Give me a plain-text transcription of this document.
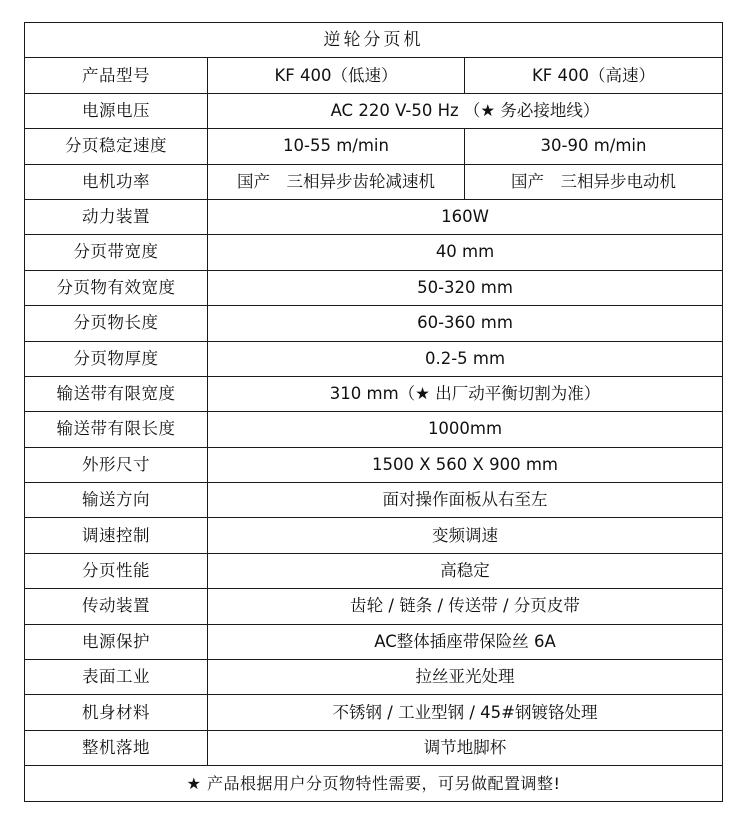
逆轮分页机		
产品型号	KF 400（低速）	KF 400（高速）
电源电压	AC 220 V-50 Hz （★ 务必接地线）	
分页稳定速度	10-55 m/min	30-90 m/min
电机功率	国产　三相异步齿轮减速机	国产　三相异步电动机
动力装置	160W	
分页带宽度	40 mm	
分页物有效宽度	50-320 mm	
分页物长度	60-360 mm	
分页物厚度	0.2-5 mm	
输送带有限宽度	310 mm（★ 出厂动平衡切割为准）	
输送带有限长度	1000mm	
外形尺寸	1500 X 560 X 900 mm	
输送方向	面对操作面板从右至左	
调速控制	变频调速	
分页性能	高稳定	
传动装置	齿轮 / 链条 / 传送带 / 分页皮带	
电源保护	AC整体插座带保险丝 6A	
表面工业	拉丝亚光处理	
机身材料	不锈钢 / 工业型钢 / 45#钢镀铬处理	
整机落地	调节地脚杯	
★ 产品根据用户分页物特性需要，可另做配置调整!		
